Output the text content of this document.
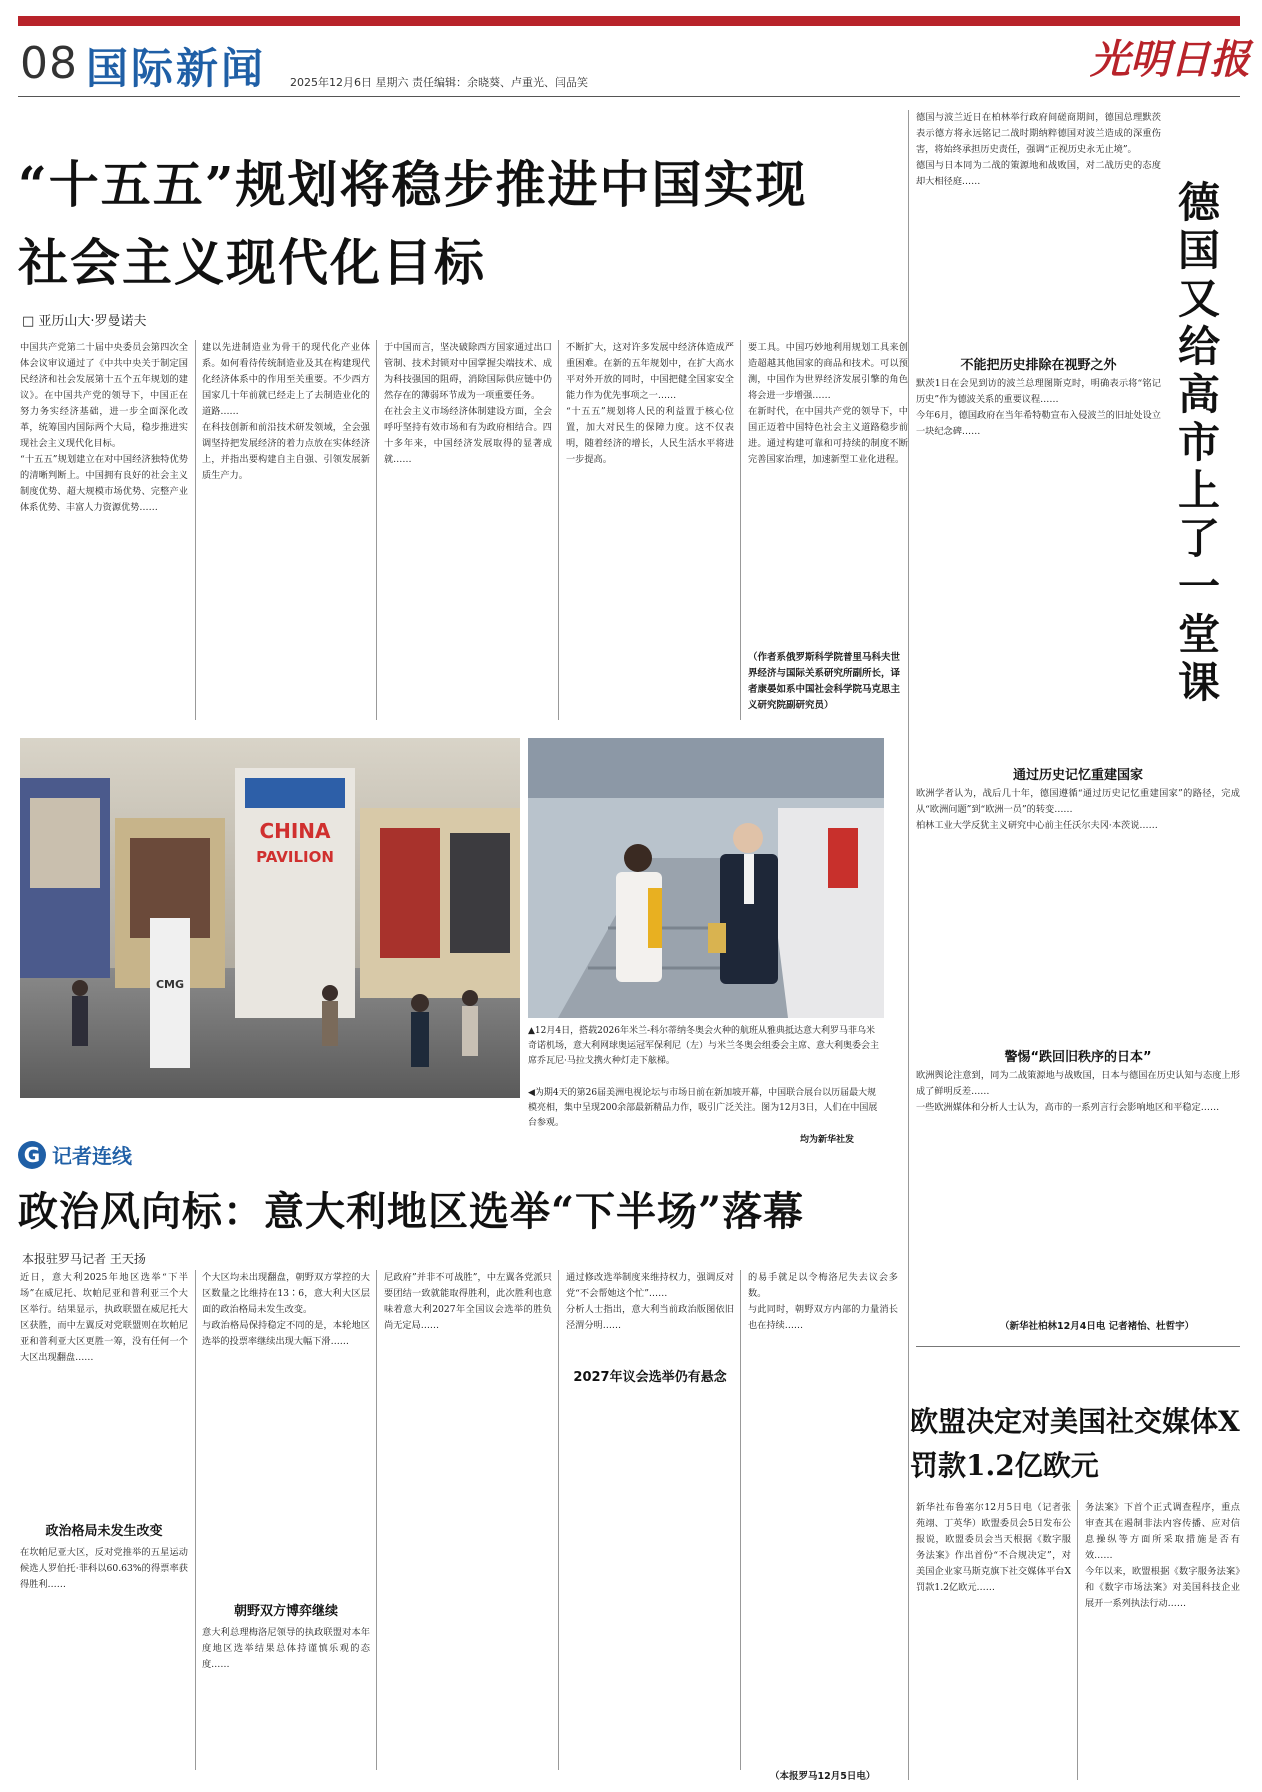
08 国际新闻 2025年12月6日 星期六 责任编辑：余晓葵、卢重光、闫品笑	光明日报
“十五五”规划将稳步推进中国实现
社会主义现代化目标
□ 亚历山大·罗曼诺夫
中国共产党第二十届中央委员会第四次全体会议审议通过了《中共中央关于制定国民经济和社会发展第十五个五年规划的建议》。在中国共产党的领导下，中国正在努力务实经济基础，进一步全面深化改革，统筹国内国际两个大局，稳步推进实现社会主义现代化目标。
“十五五”规划建立在对中国经济独特优势的清晰判断上。中国拥有良好的社会主义制度优势、超大规模市场优势、完整产业体系优势、丰富人力资源优势……
建以先进制造业为骨干的现代化产业体系。如何看待传统制造业及其在构建现代化经济体系中的作用至关重要。不少西方国家几十年前就已经走上了去制造业化的道路……
在科技创新和前沿技术研发领域，全会强调坚持把发展经济的着力点放在实体经济上，并指出要构建自主自强、引领发展新质生产力。
于中国而言，坚决破除西方国家通过出口管制、技术封锁对中国掌握尖端技术、成为科技强国的阻碍，消除国际供应链中仍然存在的薄弱环节成为一项重要任务。
在社会主义市场经济体制建设方面，全会呼吁坚持有效市场和有为政府相结合。四十多年来，中国经济发展取得的显著成就……
不断扩大，这对许多发展中经济体造成严重困难。在新的五年规划中，在扩大高水平对外开放的同时，中国把健全国家安全能力作为优先事项之一……
“十五五”规划将人民的利益置于核心位置，加大对民生的保障力度。这不仅表明，随着经济的增长，人民生活水平将进一步提高。
要工具。中国巧妙地利用规划工具来创造超越其他国家的商品和技术。可以预测，中国作为世界经济发展引擎的角色将会进一步增强……
在新时代，在中国共产党的领导下，中国正迈着中国特色社会主义道路稳步前进。通过构建可靠和可持续的制度不断完善国家治理，加速新型工业化进程。
（作者系俄罗斯科学院普里马科夫世界经济与国际关系研究所副所长，译者康晏如系中国社会科学院马克思主义研究院副研究员）
CHINA
PAVILION
CMG
▲12月4日，搭载2026年米兰-科尔蒂纳冬奥会火种的航班从雅典抵达意大利罗马菲乌米奇诺机场，意大利网球奥运冠军保利尼（左）与米兰冬奥会组委会主席、意大利奥委会主席乔瓦尼·马拉戈携火种灯走下舷梯。
◀为期4天的第26届美洲电视论坛与市场日前在新加坡开幕，中国联合展台以历届最大规模亮相，集中呈现200余部最新精品力作，吸引广泛关注。图为12月3日，人们在中国展台参观。
均为新华社发
G 记者连线
政治风向标：意大利地区选举“下半场”落幕
本报驻罗马记者 王天扬
近日，意大利2025年地区选举“下半场”在威尼托、坎帕尼亚和普利亚三个大区举行。结果显示，执政联盟在威尼托大区获胜，而中左翼反对党联盟则在坎帕尼亚和普利亚大区更胜一筹，没有任何一个大区出现翻盘……
政治格局未发生改变
在坎帕尼亚大区，反对党推举的五星运动候选人罗伯托·菲科以60.63%的得票率获得胜利……
个大区均未出现翻盘，朝野双方掌控的大区数量之比维持在13∶6，意大利大区层面的政治格局未发生改变。
与政治格局保持稳定不同的是，本轮地区选举的投票率继续出现大幅下滑……
朝野双方博弈继续
意大利总理梅洛尼领导的执政联盟对本年度地区选举结果总体持谨慎乐观的态度……
尼政府”并非不可战胜”，中左翼各党派只要团结一致就能取得胜利，此次胜利也意味着意大利2027年全国议会选举的胜负尚无定局……
通过修改选举制度来维持权力，强调反对党“不会帮她这个忙”……
分析人士指出，意大利当前政治版图依旧泾渭分明……
2027年议会选举仍有悬念
的易手就足以令梅洛尼失去议会多数。
与此同时，朝野双方内部的力量消长也在持续……
（本报罗马12月5日电）
德国又给高市上了一堂课
德国与波兰近日在柏林举行政府间磋商期间，德国总理默茨表示德方将永远铭记二战时期纳粹德国对波兰造成的深重伤害，将始终承担历史责任，强调“正视历史永无止境”。
德国与日本同为二战的策源地和战败国，对二战历史的态度却大相径庭……
不能把历史排除在视野之外
默茨1日在会见到访的波兰总理图斯克时，明确表示将“铭记历史”作为德波关系的重要议程……
今年6月，德国政府在当年希特勒宣布入侵波兰的旧址处设立一块纪念碑……
通过历史记忆重建国家
欧洲学者认为，战后几十年，德国遵循“通过历史记忆重建国家”的路径，完成从“欧洲问题”到“欧洲一员”的转变……
柏林工业大学反犹主义研究中心前主任沃尔夫冈·本茨说……
警惕“跌回旧秩序的日本”
欧洲舆论注意到，同为二战策源地与战败国，日本与德国在历史认知与态度上形成了鲜明反差……
一些欧洲媒体和分析人士认为，高市的一系列言行会影响地区和平稳定……
（新华社柏林12月4日电 记者褚怡、杜哲宇）
欧盟决定对美国社交媒体X罚款1.2亿欧元
新华社布鲁塞尔12月5日电（记者张苑翊、丁英华）欧盟委员会5日发布公报说，欧盟委员会当天根据《数字服务法案》作出首份“不合规决定”，对美国企业家马斯克旗下社交媒体平台X罚款1.2亿欧元……
务法案》下首个正式调查程序，重点审查其在遏制非法内容传播、应对信息操纵等方面所采取措施是否有效……
今年以来，欧盟根据《数字服务法案》和《数字市场法案》对美国科技企业展开一系列执法行动……
